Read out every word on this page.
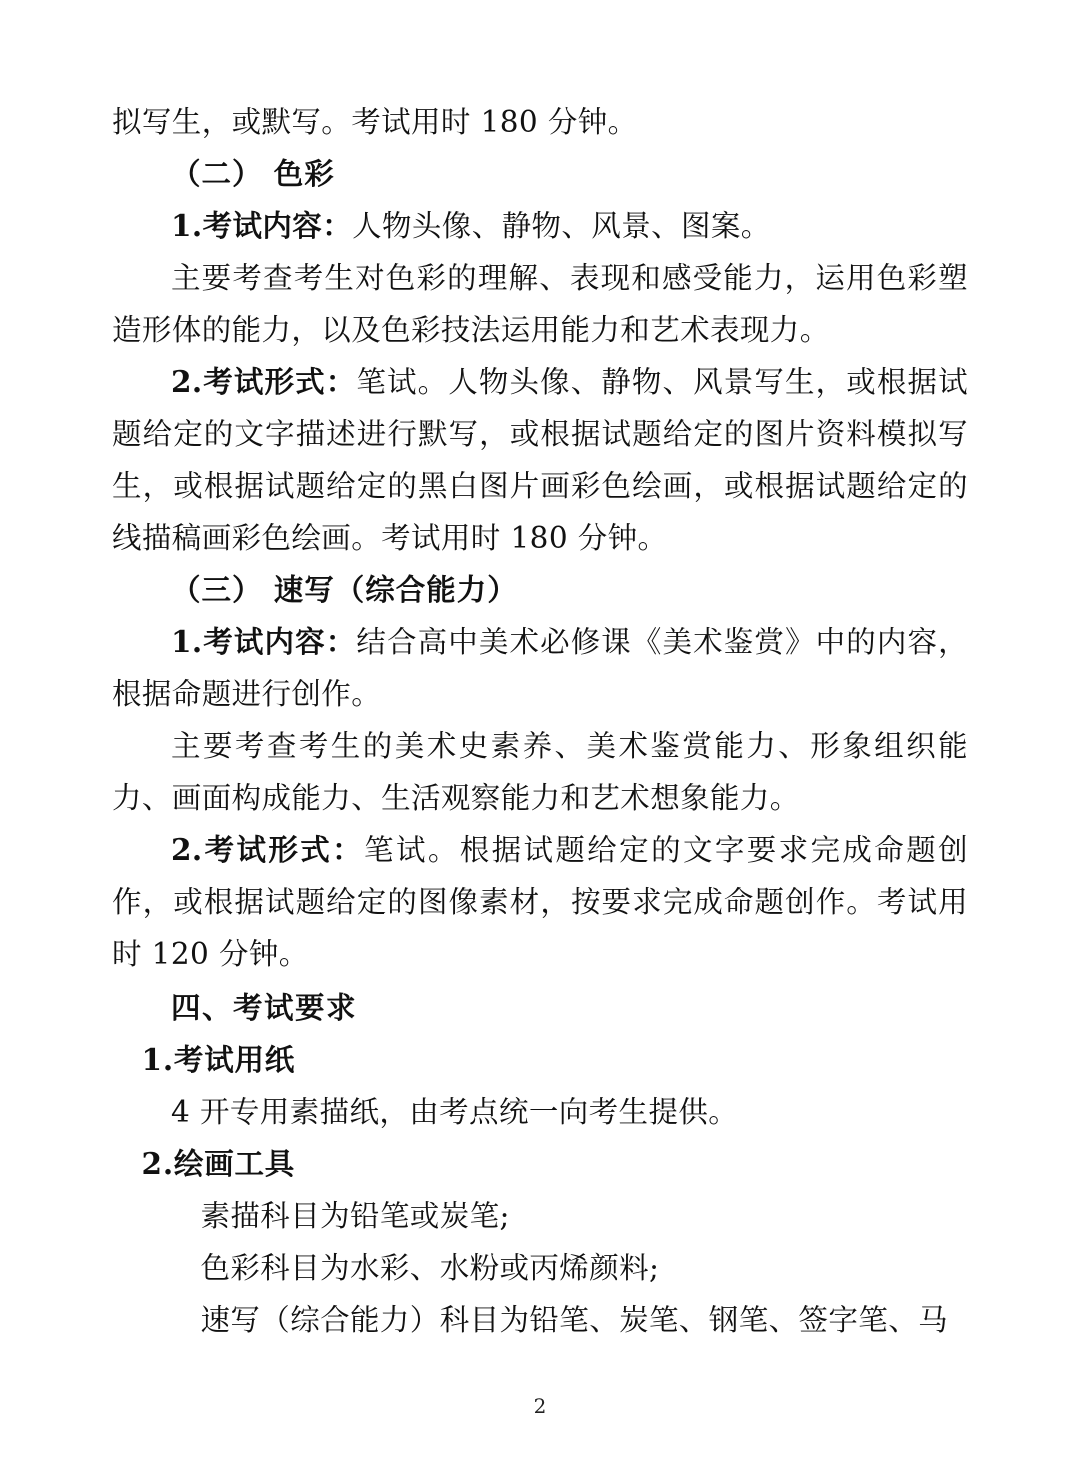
拟写生，或默写。考试用时 180 分钟。

（二） 色彩

1.考试内容：人物头像、静物、风景、图案。

主要考查考生对色彩的理解、表现和感受能力，运用色彩塑造形体的能力，以及色彩技法运用能力和艺术表现力。

2.考试形式：笔试。人物头像、静物、风景写生，或根据试题给定的文字描述进行默写，或根据试题给定的图片资料模拟写生，或根据试题给定的黑白图片画彩色绘画，或根据试题给定的线描稿画彩色绘画。考试用时 180 分钟。

（三） 速写（综合能力）

1.考试内容：结合高中美术必修课《美术鉴赏》中的内容，根据命题进行创作。

主要考查考生的美术史素养、美术鉴赏能力、形象组织能力、画面构成能力、生活观察能力和艺术想象能力。

2.考试形式：笔试。根据试题给定的文字要求完成命题创作，或根据试题给定的图像素材，按要求完成命题创作。考试用时 120 分钟。

四、考试要求

1.考试用纸

4 开专用素描纸，由考点统一向考生提供。

2.绘画工具

素描科目为铅笔或炭笔;

色彩科目为水彩、水粉或丙烯颜料;

速写（综合能力）科目为铅笔、炭笔、钢笔、签字笔、马

2
